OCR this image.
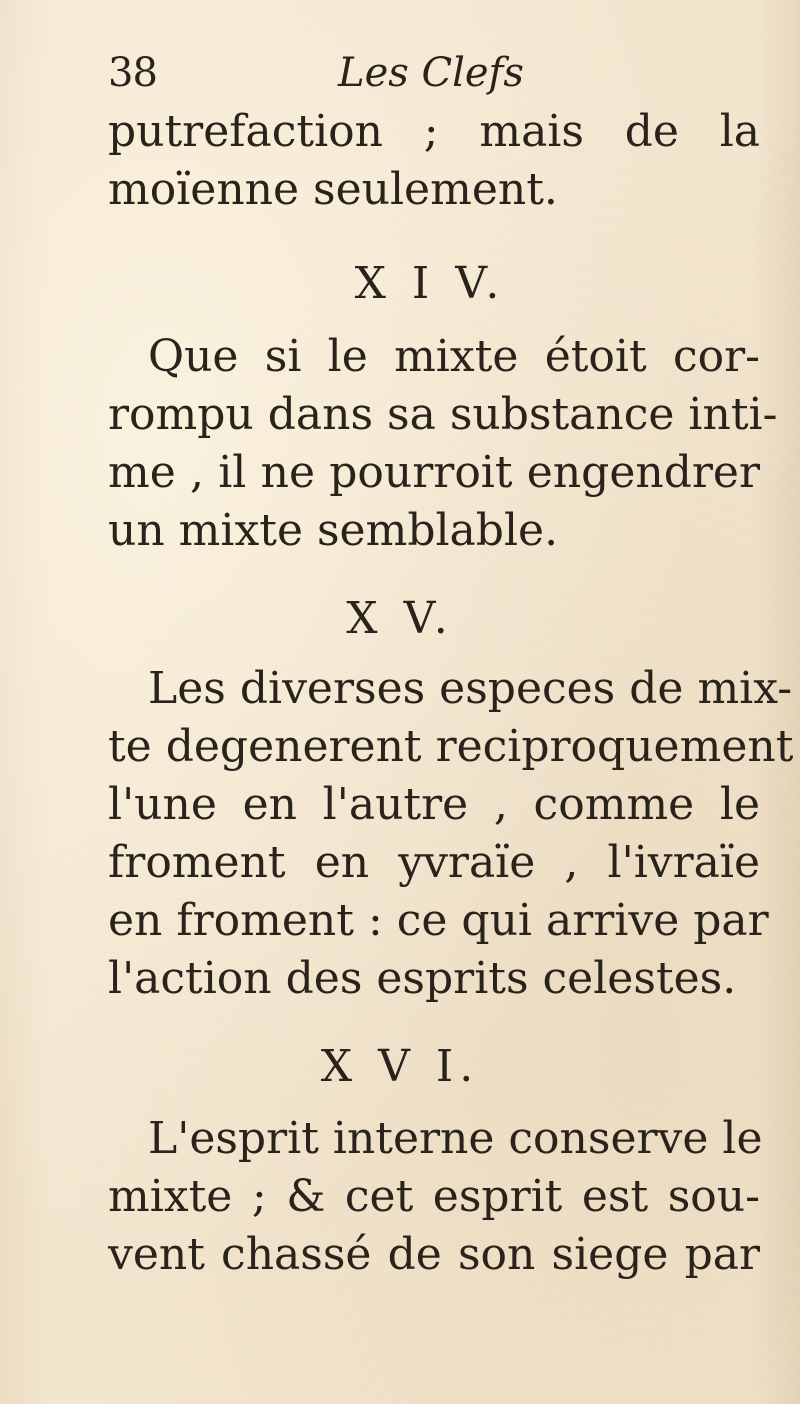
38	Les Clefs
putrefaction ; mais de la
moïenne seulement.
X I V.
Que si le mixte étoit cor-
rompu dans sa substance inti-
me , il ne pourroit engendrer
un mixte semblable.
X V.
Les diverses especes de mix-
te degenerent reciproquement
l'une en l'autre , comme le
froment en yvraïe , l'ivraïe
en froment : ce qui arrive par
l'action des esprits celestes.
X V I.
L'esprit interne conserve le
mixte ; & cet esprit est sou-
vent chassé de son siege par
